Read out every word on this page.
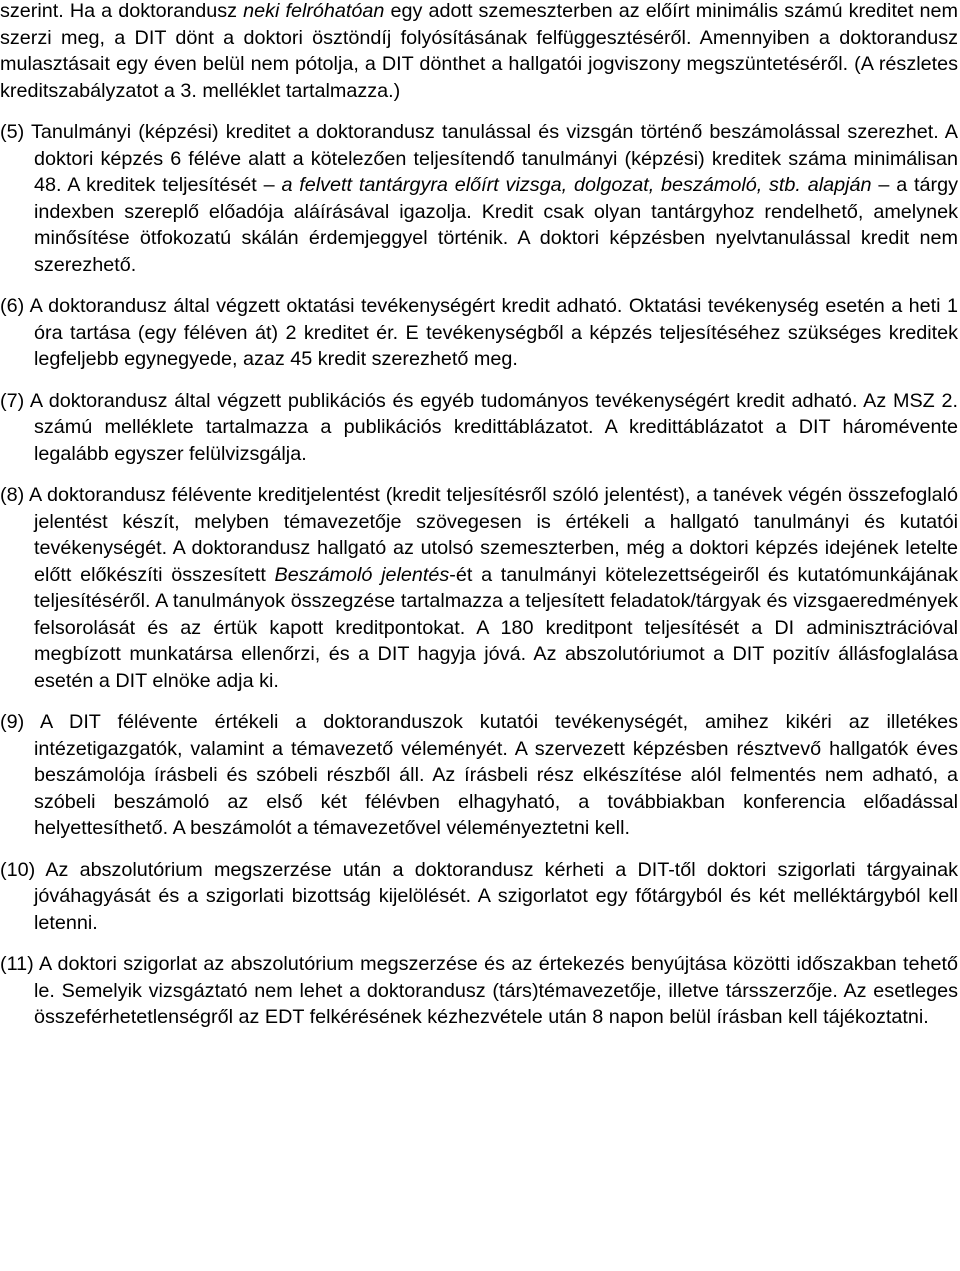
szerint. Ha a doktorandusz neki felróhatóan egy adott szemeszterben az előírt minimális számú kreditet nem szerzi meg, a DIT dönt a doktori ösztöndíj folyósításának felfüggesztéséről. Amennyiben a doktorandusz mulasztásait egy éven belül nem pótolja, a DIT dönthet a hallgatói jogviszony megszüntetéséről. (A részletes kreditszabályzatot a 3. melléklet tartalmazza.)

(5) Tanulmányi (képzési) kreditet a doktorandusz tanulással és vizsgán történő beszámolással szerezhet. A doktori képzés 6 féléve alatt a kötelezően teljesítendő tanulmányi (képzési) kreditek száma minimálisan 48. A kreditek teljesítését – a felvett tantárgyra előírt vizsga, dolgozat, beszámoló, stb. alapján – a tárgy indexben szereplő előadója aláírásával igazolja. Kredit csak olyan tantárgyhoz rendelhető, amelynek minősítése ötfokozatú skálán érdemjeggyel történik. A doktori képzésben nyelvtanulással kredit nem szerezhető.

(6) A doktorandusz által végzett oktatási tevékenységért kredit adható. Oktatási tevékenység esetén a heti 1 óra tartása (egy féléven át) 2 kreditet ér. E tevékenységből a képzés teljesítéséhez szükséges kreditek legfeljebb egynegyede, azaz 45 kredit szerezhető meg.

(7) A doktorandusz által végzett publikációs és egyéb tudományos tevékenységért kredit adható. Az MSZ 2. számú melléklete tartalmazza a publikációs kredittáblázatot. A kredittáblázatot a DIT háromévente legalább egyszer felülvizsgálja.

(8) A doktorandusz félévente kreditjelentést (kredit teljesítésről szóló jelentést), a tanévek végén összefoglaló jelentést készít, melyben témavezetője szövegesen is értékeli a hallgató tanulmányi és kutatói tevékenységét. A doktorandusz hallgató az utolsó szemeszterben, még a doktori képzés idejének letelte előtt előkészíti összesített Beszámoló jelentés-ét a tanulmányi kötelezettségeiről és kutatómunkájának teljesítéséről. A tanulmányok összegzése tartalmazza a teljesített feladatok/tárgyak és vizsgaeredmények felsorolását és az értük kapott kreditpontokat. A 180 kreditpont teljesítését a DI adminisztrációval megbízott munkatársa ellenőrzi, és a DIT hagyja jóvá. Az abszolutóriumot a DIT pozitív állásfoglalása esetén a DIT elnöke adja ki.

(9) A DIT félévente értékeli a doktoranduszok kutatói tevékenységét, amihez kikéri az illetékes intézetigazgatók, valamint a témavezető véleményét. A szervezett képzésben résztvevő hallgatók éves beszámolója írásbeli és szóbeli részből áll. Az írásbeli rész elkészítése alól felmentés nem adható, a szóbeli beszámoló az első két félévben elhagyható, a továbbiakban konferencia előadással helyettesíthető. A beszámolót a témavezetővel véleményeztetni kell.

(10) Az abszolutórium megszerzése után a doktorandusz kérheti a DIT-től doktori szigorlati tárgyainak jóváhagyását és a szigorlati bizottság kijelölését. A szigorlatot egy főtárgyból és két melléktárgyból kell letenni.

(11) A doktori szigorlat az abszolutórium megszerzése és az értekezés benyújtása közötti időszakban tehető le. Semelyik vizsgáztató nem lehet a doktorandusz (társ)témavezetője, illetve társszerzője. Az esetleges összeférhetetlenségről az EDT felkérésének kézhezvétele után 8 napon belül írásban kell tájékoztatni.
